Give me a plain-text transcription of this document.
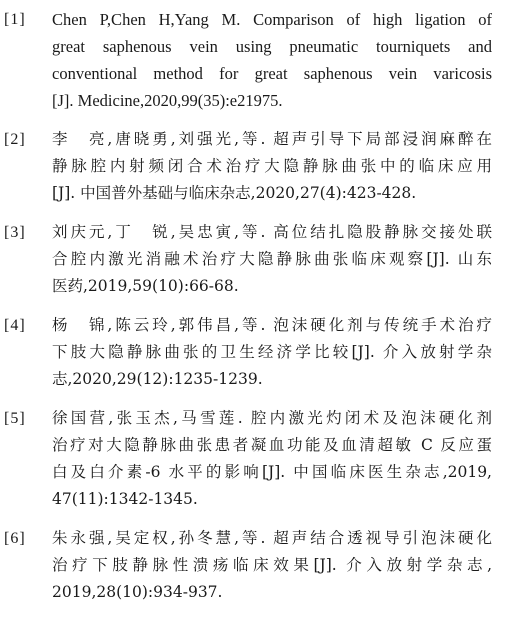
[1]	Chen P,Chen H,Yang M. Comparison of high ligation of
great saphenous vein using pneumatic tourniquets and
conventional method for great saphenous vein varicosis
[J]. Medicine,2020,99(35):e21975.
[2]	李　亮,唐晓勇,刘强光,等. 超声引导下局部浸润麻醉在
静脉腔内射频闭合术治疗大隐静脉曲张中的临床应用
[J]. 中国普外基础与临床杂志,2020,27(4):423-428.
[3]	刘庆元,丁　锐,吴忠寅,等. 高位结扎隐股静脉交接处联
合腔内激光消融术治疗大隐静脉曲张临床观察[J]. 山东
医药,2019,59(10):66-68.
[4]	杨　锦,陈云玲,郭伟昌,等. 泡沫硬化剂与传统手术治疗
下肢大隐静脉曲张的卫生经济学比较[J]. 介入放射学杂
志,2020,29(12):1235-1239.
[5]	徐国营,张玉杰,马雪莲. 腔内激光灼闭术及泡沫硬化剂
治疗对大隐静脉曲张患者凝血功能及血清超敏 C 反应蛋
白及白介素-6 水平的影响[J]. 中国临床医生杂志,2019,
47(11):1342-1345.
[6]	朱永强,吴定权,孙冬慧,等. 超声结合透视导引泡沫硬化
治疗下肢静脉性溃疡临床效果[J]. 介入放射学杂志,
2019,28(10):934-937.
